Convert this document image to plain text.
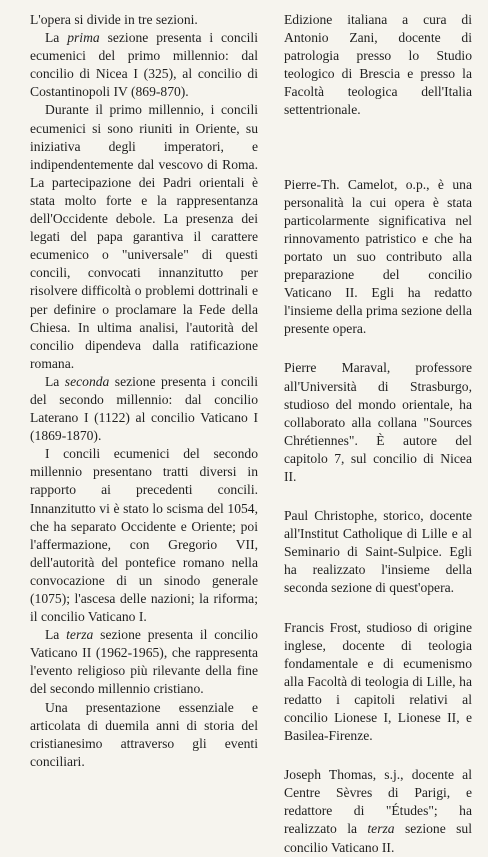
L'opera si divide in tre sezioni.

La prima sezione presenta i concili ecumenici del primo millennio: dal concilio di Nicea I (325), al concilio di Costantinopoli IV (869-870).

Durante il primo millennio, i concili ecumenici si sono riuniti in Oriente, su iniziativa degli imperatori, e indipendentemente dal vescovo di Roma. La partecipazione dei Padri orientali è stata molto forte e la rappresentanza dell'Occidente debole. La presenza dei legati del papa garantiva il carattere ecumenico o "universale" di questi concili, convocati innanzitutto per risolvere difficoltà o problemi dottrinali e per definire o proclamare la Fede della Chiesa. In ultima analisi, l'autorità del concilio dipendeva dalla ratificazione romana.

La seconda sezione presenta i concili del secondo millennio: dal concilio Laterano I (1122) al concilio Vaticano I (1869-1870).

I concili ecumenici del secondo millennio presentano tratti diversi in rapporto ai precedenti concili. Innanzitutto vi è stato lo scisma del 1054, che ha separato Occidente e Oriente; poi l'affermazione, con Gregorio VII, dell'autorità del pontefice romano nella convocazione di un sinodo generale (1075); l'ascesa delle nazioni; la riforma; il concilio Vaticano I.

La terza sezione presenta il concilio Vaticano II (1962-1965), che rappresenta l'evento religioso più rilevante della fine del secondo millennio cristiano.

Una presentazione essenziale e articolata di duemila anni di storia del cristianesimo attraverso gli eventi conciliari.

Edizione italiana a cura di Antonio Zani, docente di patrologia presso lo Studio teologico di Brescia e presso la Facoltà teologica dell'Italia settentrionale.

Pierre-Th. Camelot, o.p., è una personalità la cui opera è stata particolarmente significativa nel rinnovamento patristico e che ha portato un suo contributo alla preparazione del concilio Vaticano II. Egli ha redatto l'insieme della prima sezione della presente opera.

Pierre Maraval, professore all'Università di Strasburgo, studioso del mondo orientale, ha collaborato alla collana "Sources Chrétiennes". È autore del capitolo 7, sul concilio di Nicea II.

Paul Christophe, storico, docente all'Institut Catholique di Lille e al Seminario di Saint-Sulpice. Egli ha realizzato l'insieme della seconda sezione di quest'opera.

Francis Frost, studioso di origine inglese, docente di teologia fondamentale e di ecumenismo alla Facoltà di teologia di Lille, ha redatto i capitoli relativi al concilio Lionese I, Lionese II, e Basilea-Firenze.

Joseph Thomas, s.j., docente al Centre Sèvres di Parigi, e redattore di "Études"; ha realizzato la terza sezione sul concilio Vaticano II.
